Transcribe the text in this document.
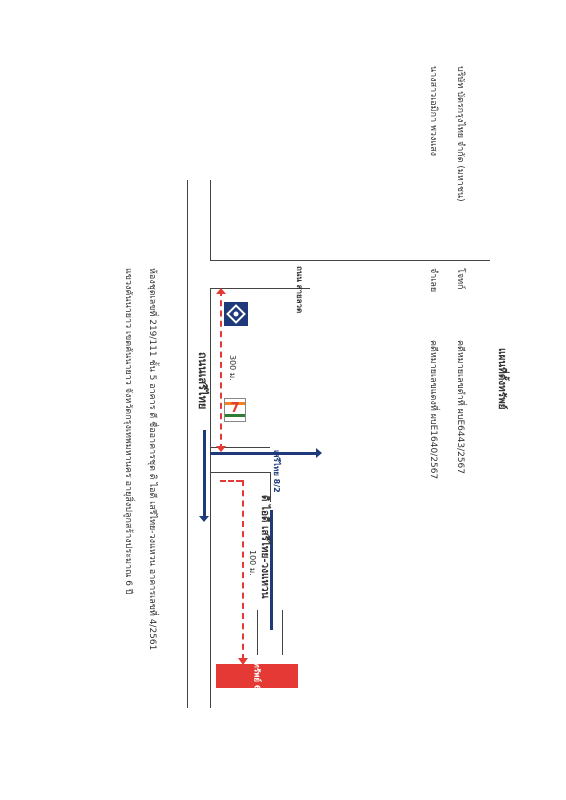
แผนที่ตั้งทรัพย์
บริษัท บัตรกรุงไทย จำกัด (มหาชน)
โจทก์
คดีหมายเลขดำที่ ผบE6443/2567
นางสาวเอมิกา พวงแสง
จำเลย
คดีหมายเลขแดงที่ ผบE1640/2567
ถนน สายลวด
ถนนเสรีไทย	7
300 ม.
100 ม.
เสรีไทย 8/2
ดิ ไอดี เสรีไทย-วงแหวน
ทรัพย์ 6
ห้องชุดเลขที่ 219/111 ชั้น 5 อาคาร ดี ชื่ออาคารชุด ดิ ไอดี เสรีไทย-วงแหวน อาคารเลขที่ 4/2561
แขวงคันนายาว เขตคันนายาว จังหวัดกรุงเทพมหานคร อายุสิ่งปลูกสร้างประมาณ 6 ปี
